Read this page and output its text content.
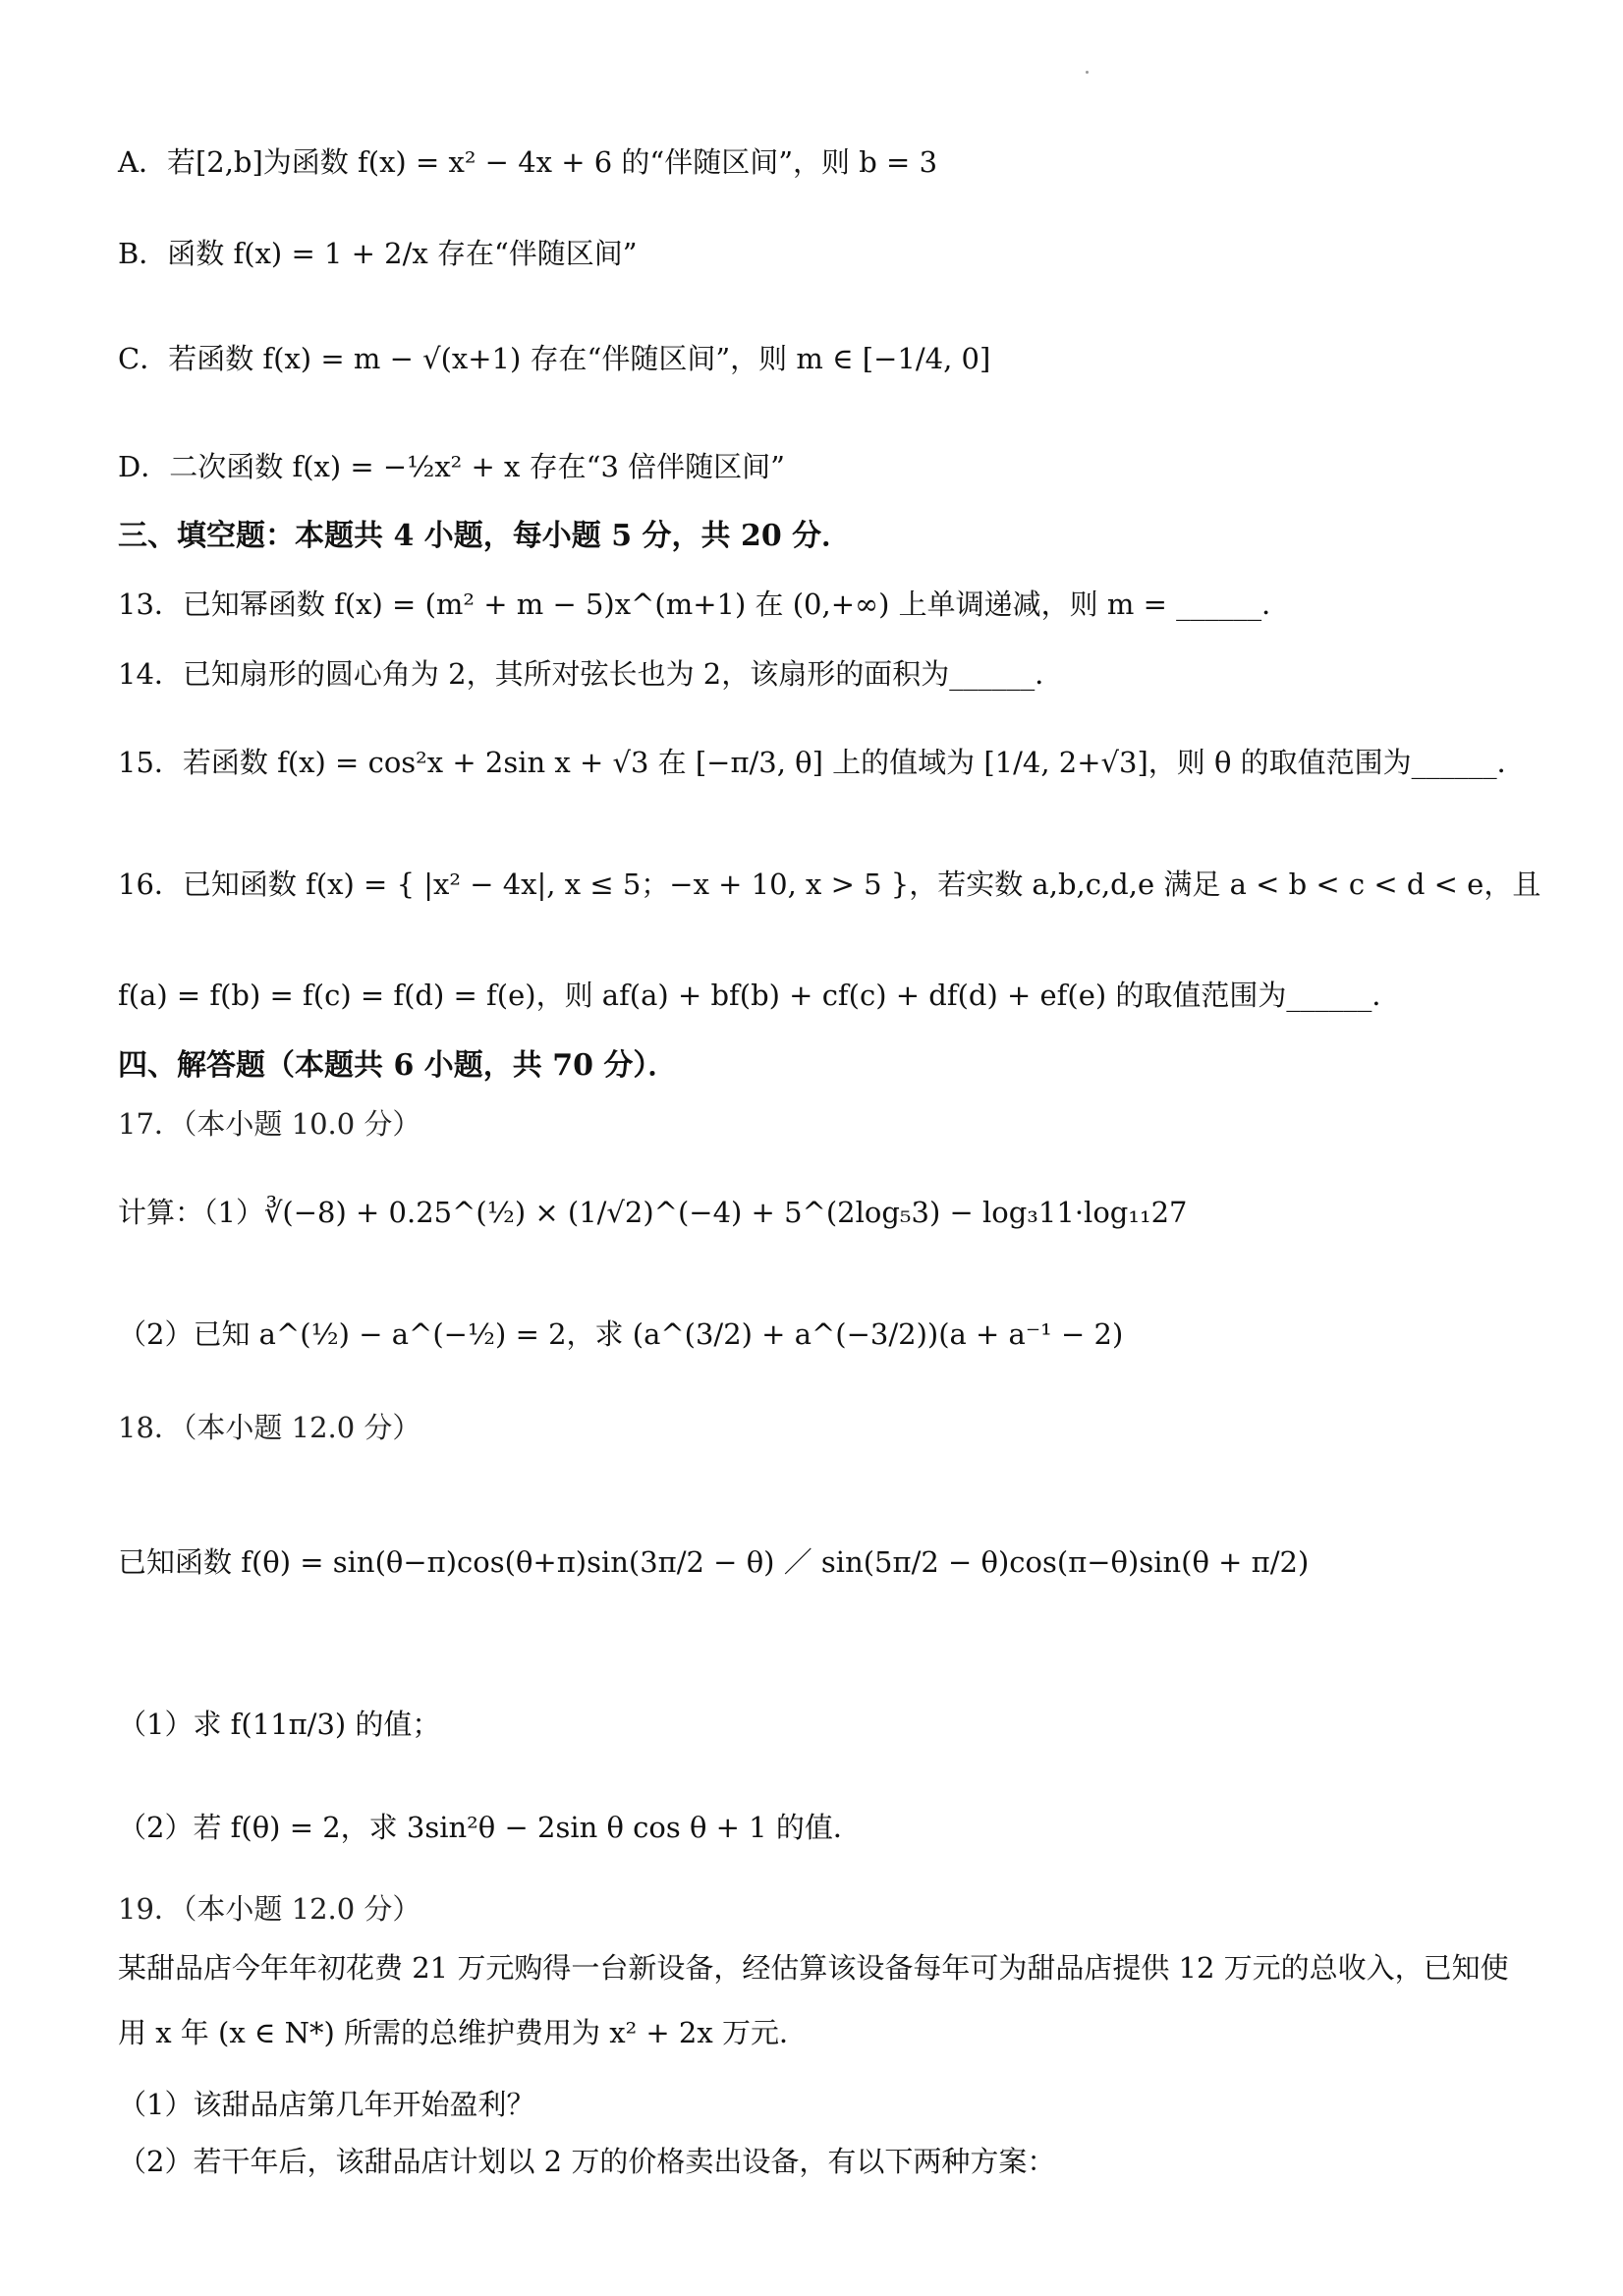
A．若[2,b]为函数 f(x) = x² − 4x + 6 的“伴随区间”，则 b = 3
B．函数 f(x) = 1 + 2/x 存在“伴随区间”
C．若函数 f(x) = m − √(x+1) 存在“伴随区间”，则 m ∈ [−1/4, 0]
D．二次函数 f(x) = −½x² + x 存在“3 倍伴随区间”
三、填空题：本题共 4 小题，每小题 5 分，共 20 分．
13．已知幂函数 f(x) = (m² + m − 5)x^(m+1) 在 (0,+∞) 上单调递减，则 m = ______．
14．已知扇形的圆心角为 2，其所对弦长也为 2，该扇形的面积为______．
15．若函数 f(x) = cos²x + 2sin x + √3 在 [−π/3, θ] 上的值域为 [1/4, 2+√3]，则 θ 的取值范围为______．
16．已知函数 f(x) = { |x² − 4x|, x ≤ 5；−x + 10, x > 5 }，若实数 a,b,c,d,e 满足 a < b < c < d < e，且
f(a) = f(b) = f(c) = f(d) = f(e)，则 af(a) + bf(b) + cf(c) + df(d) + ef(e) 的取值范围为______．
四、解答题（本题共 6 小题，共 70 分）．
17．（本小题 10.0 分）
计算：（1）∛(−8) + 0.25^(½) × (1/√2)^(−4) + 5^(2log₅3) − log₃11·log₁₁27
（2）已知 a^(½) − a^(−½) = 2，求 (a^(3/2) + a^(−3/2))(a + a⁻¹ − 2)
18．（本小题 12.0 分）
已知函数 f(θ) = sin(θ−π)cos(θ+π)sin(3π/2 − θ) ／ sin(5π/2 − θ)cos(π−θ)sin(θ + π/2)
（1）求 f(11π/3) 的值；
（2）若 f(θ) = 2，求 3sin²θ − 2sin θ cos θ + 1 的值．
19．（本小题 12.0 分）
某甜品店今年年初花费 21 万元购得一台新设备，经估算该设备每年可为甜品店提供 12 万元的总收入，已知使用 x 年 (x ∈ N*) 所需的总维护费用为 x² + 2x 万元．
（1）该甜品店第几年开始盈利？
（2）若干年后，该甜品店计划以 2 万的价格卖出设备，有以下两种方案：
